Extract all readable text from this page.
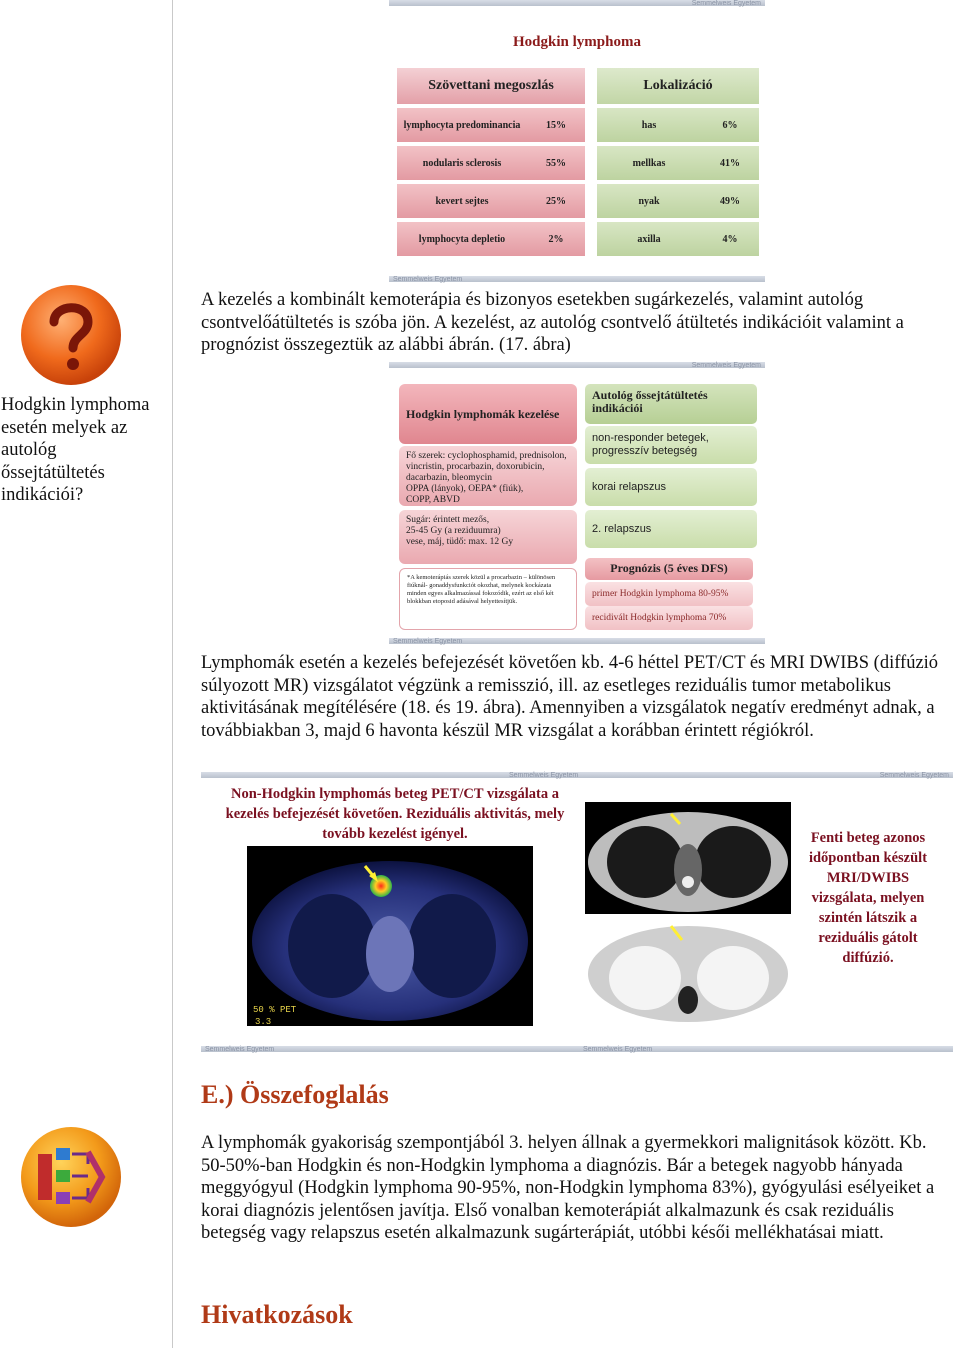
Semmelweis Egyetem
Hodgkin lymphoma
Szövettani megoszlás	Lokalizáció
lymphocyta predominancia	15%	has	6%
nodularis sclerosis	55%	mellkas	41%
kevert sejtes	25%	nyak	49%
lymphocyta depletio	2%	axilla	4%
Semmelweis Egyetem
A kezelés a kombinált kemoterápia és bizonyos esetekben sugárkezelés, valamint autológ csontvelőátültetés is szóba jön. A kezelést, az autológ csontvelő átültetés indikációit valamint a prognózist összegeztük az alábbi ábrán. (17. ábra)
Hodgkin lymphoma esetén melyek az autológ őssejtátültetés indikációi?
Semmelweis Egyetem
Hodgkin lymphomák kezelése
Fő szerek: cyclophosphamid, prednisolon, vincristin, procarbazin, doxorubicin, dacarbazin, bleomycin
OPPA (lányok), OEPA* (fiúk),
COPP, ABVD
Sugár: érintett mezős,
25-45 Gy (a reziduumra)
vese, máj, tüdő: max. 12 Gy
*A kemoterápiás szerek közül a procarbazin – különösen fiúknál- gonaddysfunkciót okozhat, melynek kockázata minden egyes alkalmazással fokozódik, ezért az első két blokkban etoposid adásával helyettesítjük.
Autológ őssejtátültetés indikációi
non-responder betegek, progresszív betegség
korai relapszus
2. relapszus
Prognózis (5 éves DFS)
primer Hodgkin lymphoma 80-95%
recidivált Hodgkin lymphoma 70%
Semmelweis Egyetem
Lymphomák esetén a kezelés befejezését követően kb. 4-6 héttel PET/CT és MRI DWIBS (diffúzió súlyozott MR) vizsgálatot végzünk a remisszió, ill. az esetleges reziduális tumor metabolikus aktivitásának megítélésére (18. és 19. ábra). Amennyiben a vizsgálatok negatív eredményt adnak, a továbbiakban 3, majd 6 havonta készül MR vizsgálat a korábban érintett régiókról.
Semmelweis Egyetem	Semmelweis Egyetem
Non-Hodgkin lymphomás beteg PET/CT vizsgálata a kezelés befejezését követően. Reziduális aktivitás, mely tovább kezelést igényel.
50 % PET
3.3
Fenti beteg azonos időpontban készült MRI/DWIBS vizsgálata, melyen szintén látszik a reziduális gátolt diffúzió.
Semmelweis Egyetem	Semmelweis Egyetem
E.) Összefoglalás
A lymphomák gyakoriság szempontjából 3. helyen állnak a gyermekkori malignitások között. Kb. 50-50%-ban Hodgkin és non-Hodgkin lymphoma a diagnózis. Bár a betegek nagyobb hányada meggyógyul (Hodgkin lymphoma 90-95%, non-Hodgkin lymphoma 83%), gyógyulási esélyeiket a korai diagnózis jelentősen javítja. Első vonalban kemoterápiát alkalmazunk és csak reziduális betegség vagy relapszus esetén alkalmazunk sugárterápiát, utóbbi késői mellékhatásai miatt.
Hivatkozások
